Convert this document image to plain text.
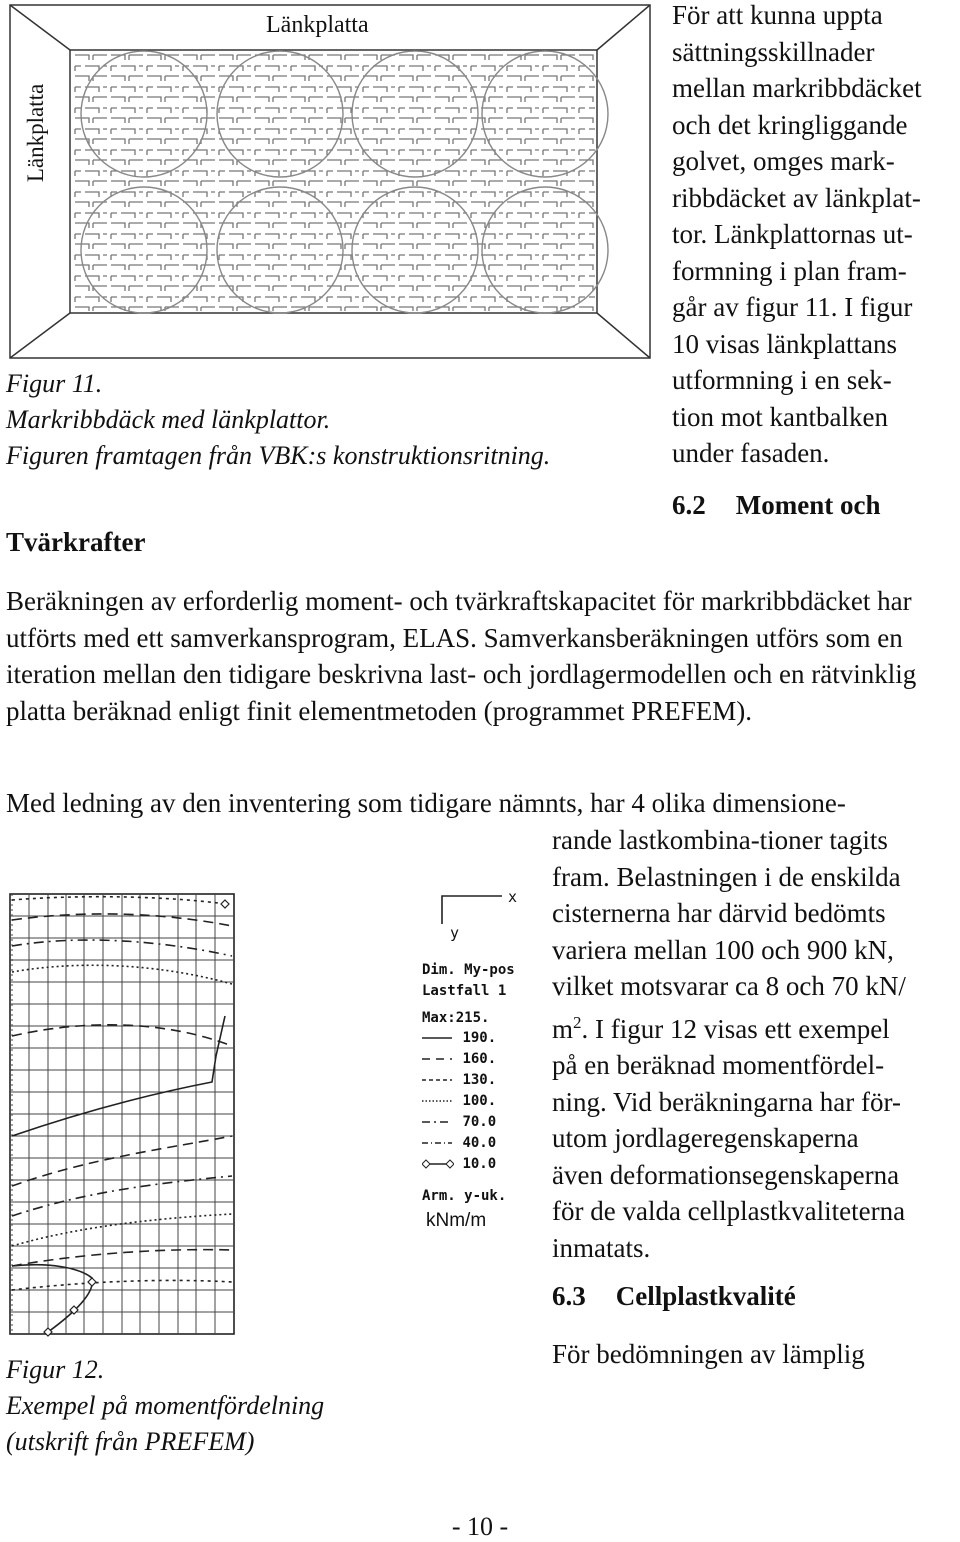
Länkplatta
Länkplatta
Figur 11.
Markribbdäck med länkplattor.
Figuren framtagen från VBK:s konstruktionsritning.
För att kunna uppta
sättningsskillnader
mellan markribbdäcket
och det kringliggande
golvet, omges mark-
ribbdäcket av länkplat-
tor. Länkplattornas ut-
formning i plan fram-
går av figur 11. I figur
10 visas länkplattans
utformning i en sek-
tion mot kantbalken
under fasaden.
6.2 Moment och
Tvärkrafter

Beräkningen av erforderlig moment- och tvärkraftskapacitet för markribbdäcket har utförts med ett samverkansprogram, ELAS. Samverkansberäkningen utförs som en iteration mellan den tidigare beskrivna last- och jordlagermodellen och en rätvinklig platta beräknad enligt finit elementmetoden (programmet PREFEM).

Med ledning av den inventering som tidigare nämnts, har 4 olika dimensione-

rande lastkombina-tioner tagits
fram. Belastningen i de enskilda
cisternerna har därvid bedömts
variera mellan 100 och 900 kN,
vilket motsvarar ca 8 och 70 kN/
$m^2$. I figur 12 visas ett exempel
på en beräknad momentfördel-
ning. Vid beräkningarna har för-
utom jordlageregenskaperna
även deformationsegenskaperna
för de valda cellplastkvaliteterna
inmatats.
x
y
Dim. My-pos
Lastfall 1
Max:215.
190.
160.
130.
100.
70.0
40.0
10.0
Arm. y-uk.
kNm/m
Figur 12.
Exempel på momentfördelning
(utskrift från PREFEM)
6.3 Cellplastkvalité

För bedömningen av lämplig

- 10 -
